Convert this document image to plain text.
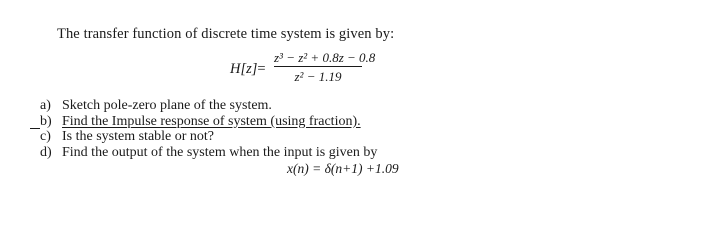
The transfer function of discrete time system is given by:
H[z]=
z³ − z² + 0.8z − 0.8
z² − 1.19
a) Sketch pole-zero plane of the system.
b) Find the Impulse response of system (using fraction).
c) Is the system stable or not?
d) Find the output of the system when the input is given by
x(n) = δ(n+1) +1.09
